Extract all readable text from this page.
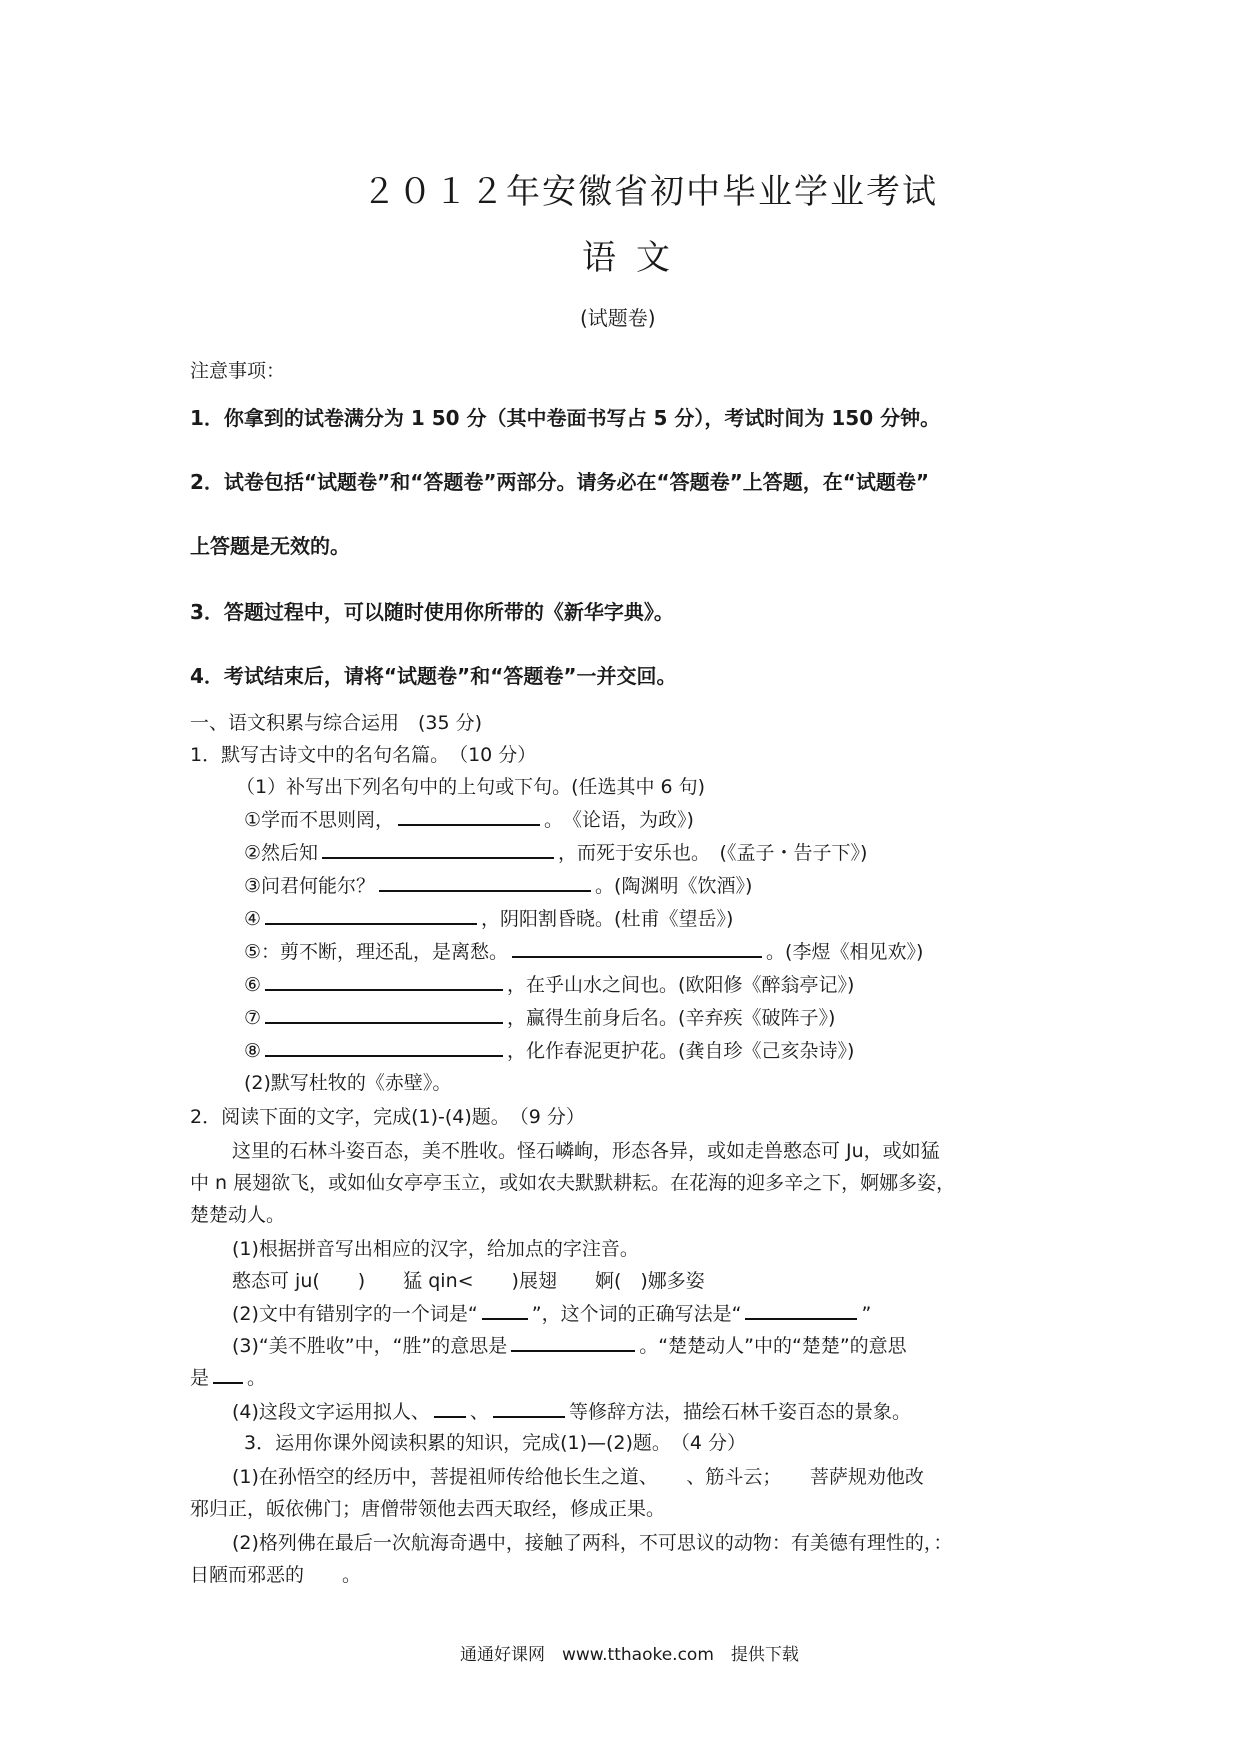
２０１２年安徽省初中毕业学业考试
语文
(试题卷)
注意事项：
1．你拿到的试卷满分为 1 50 分（其中卷面书写占 5 分），考试时间为 150 分钟。
2．试卷包括“试题卷”和“答题卷”两部分。请务必在“答题卷”上答题，在“试题卷”
上答题是无效的。
3．答题过程中，可以随时使用你所带的《新华字典》。
4．考试结束后，请将“试题卷”和“答题卷”一并交回。
一、语文积累与综合运用　(35 分)
1．默写古诗文中的名句名篇。　（10 分）
（1）补写出下列名句中的上句或下句。(任选其中 6 句)
①学而不思则罔，	。　《论语，为政》)
②然后知	，而死于安乐也。　(《孟子・告子下》)
③问君何能尔？	。(陶渊明《饮酒》)
④	，阴阳割昏晓。(杜甫《望岳》)
⑤：剪不断，理还乱，是离愁。	。(李煜《相见欢》)
⑥	，在乎山水之间也。(欧阳修《醉翁亭记》)
⑦	，赢得生前身后名。(辛弃疾《破阵子》)
⑧	，化作春泥更护花。(龚自珍《己亥杂诗》)
(2)默写杜牧的《赤壁》。
2．阅读下面的文字，完成(1)-(4)题。　（9 分）
这里的石林斗姿百态，美不胜收。怪石嶙峋，形态各异，或如走兽憨态可 Ju，或如猛
中 n 展翅欲飞，或如仙女亭亭玉立，或如农夫默默耕耘。在花海的迎多辛之下，婀娜多姿，
楚楚动人。
(1)根据拼音写出相应的汉字，给加点的字注音。
憨态可 ju(　　)　　猛 qin<　　)展翅　　婀(　)娜多姿
(2)文中有错别字的一个词是“	”，这个词的正确写法是“	”
(3)“美不胜收”中，“胜”的意思是	。“楚楚动人”中的“楚楚”的意思
是 。
(4)这段文字运用拟人、 、	等修辞方法，描绘石林千姿百态的景象。
3．运用你课外阅读积累的知识，完成(1)—(2)题。　（4 分）
(1)在孙悟空的经历中，菩提祖师传给他长生之道、　　、筋斗云；　　菩萨规劝他改
邪归正，皈依佛门；唐僧带领他去西天取经，修成正果。
(2)格列佛在最后一次航海奇遇中，接触了两科，不可思议的动物：有美德有理性的，：
日陋而邪恶的　　。
通通好课网　www.tthaoke.com　提供下载
